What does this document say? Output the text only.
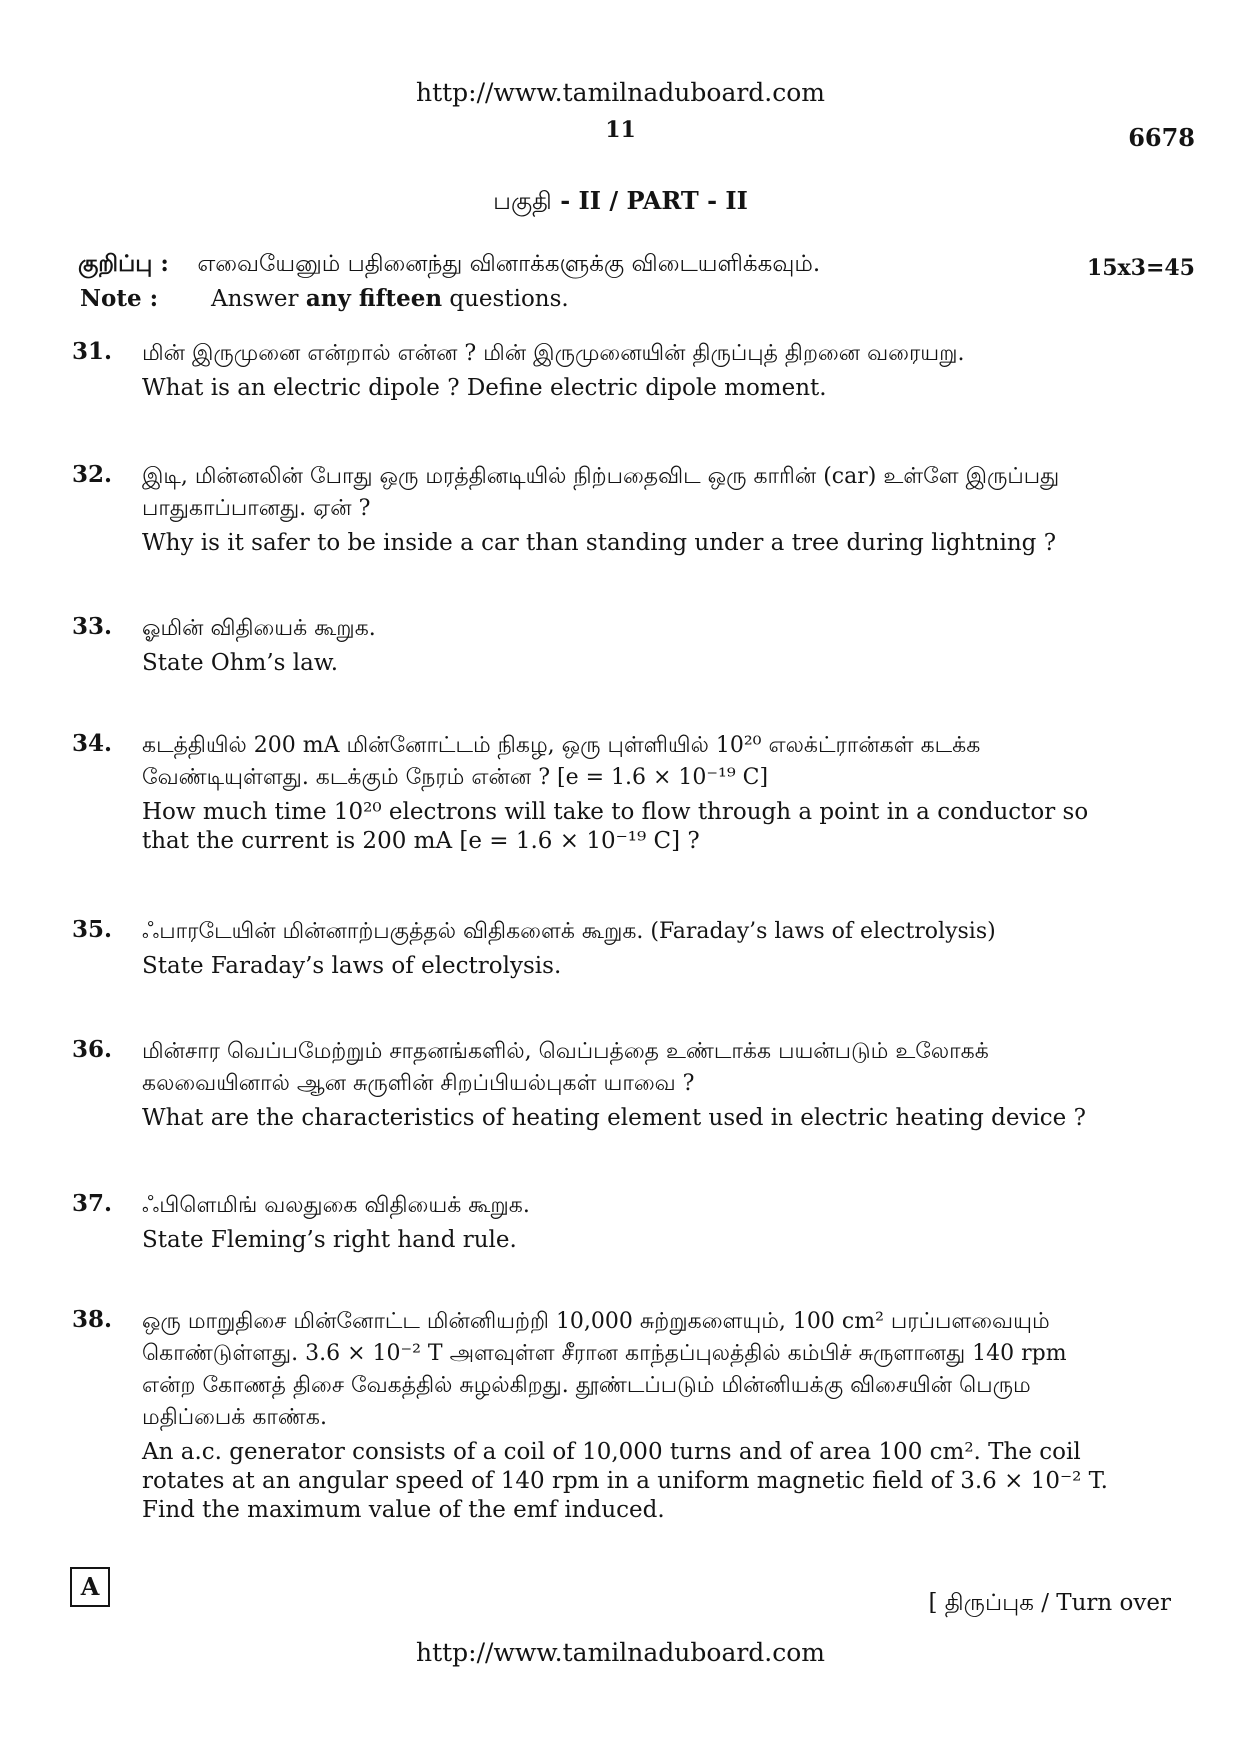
http://www.tamilnaduboard.com
11	6678
பகுதி - II / PART - II
குறிப்பு : எவையேனும் பதினைந்து வினாக்களுக்கு விடையளிக்கவும்.	15x3=45
Note : Answer any fifteen questions.
31. மின் இருமுனை என்றால் என்ன ? மின் இருமுனையின் திருப்புத் திறனை வரையறு.

What is an electric dipole ? Define electric dipole moment.

32. இடி, மின்னலின் போது ஒரு மரத்தினடியில் நிற்பதைவிட ஒரு காரின் (car) உள்ளே இருப்பது பாதுகாப்பானது. ஏன் ?

Why is it safer to be inside a car than standing under a tree during lightning ?

33. ஓமின் விதியைக் கூறுக.

State Ohm’s law.

34. கடத்தியில் 200 mA மின்னோட்டம் நிகழ, ஒரு புள்ளியில் 10²⁰ எலக்ட்ரான்கள் கடக்க வேண்டியுள்ளது. கடக்கும் நேரம் என்ன ? [e = 1.6 × 10⁻¹⁹ C]

How much time 10²⁰ electrons will take to flow through a point in a conductor so that the current is 200 mA [e = 1.6 × 10⁻¹⁹ C] ?

35. ஃபாரடேயின் மின்னாற்பகுத்தல் விதிகளைக் கூறுக. (Faraday’s laws of electrolysis)

State Faraday’s laws of electrolysis.

36. மின்சார வெப்பமேற்றும் சாதனங்களில், வெப்பத்தை உண்டாக்க பயன்படும் உலோகக் கலவையினால் ஆன சுருளின் சிறப்பியல்புகள் யாவை ?

What are the characteristics of heating element used in electric heating device ?

37. ஃபிளெமிங் வலதுகை விதியைக் கூறுக.

State Fleming’s right hand rule.

38. ஒரு மாறுதிசை மின்னோட்ட மின்னியற்றி 10,000 சுற்றுகளையும், 100 cm² பரப்பளவையும் கொண்டுள்ளது. 3.6 × 10⁻² T அளவுள்ள சீரான காந்தப்புலத்தில் கம்பிச் சுருளானது 140 rpm என்ற கோணத் திசை வேகத்தில் சுழல்கிறது. தூண்டப்படும் மின்னியக்கு விசையின் பெரும மதிப்பைக் காண்க.

An a.c. generator consists of a coil of 10,000 turns and of area 100 cm². The coil rotates at an angular speed of 140 rpm in a uniform magnetic field of 3.6 × 10⁻² T. Find the maximum value of the emf induced.

A
[ திருப்புக / Turn over
http://www.tamilnaduboard.com
